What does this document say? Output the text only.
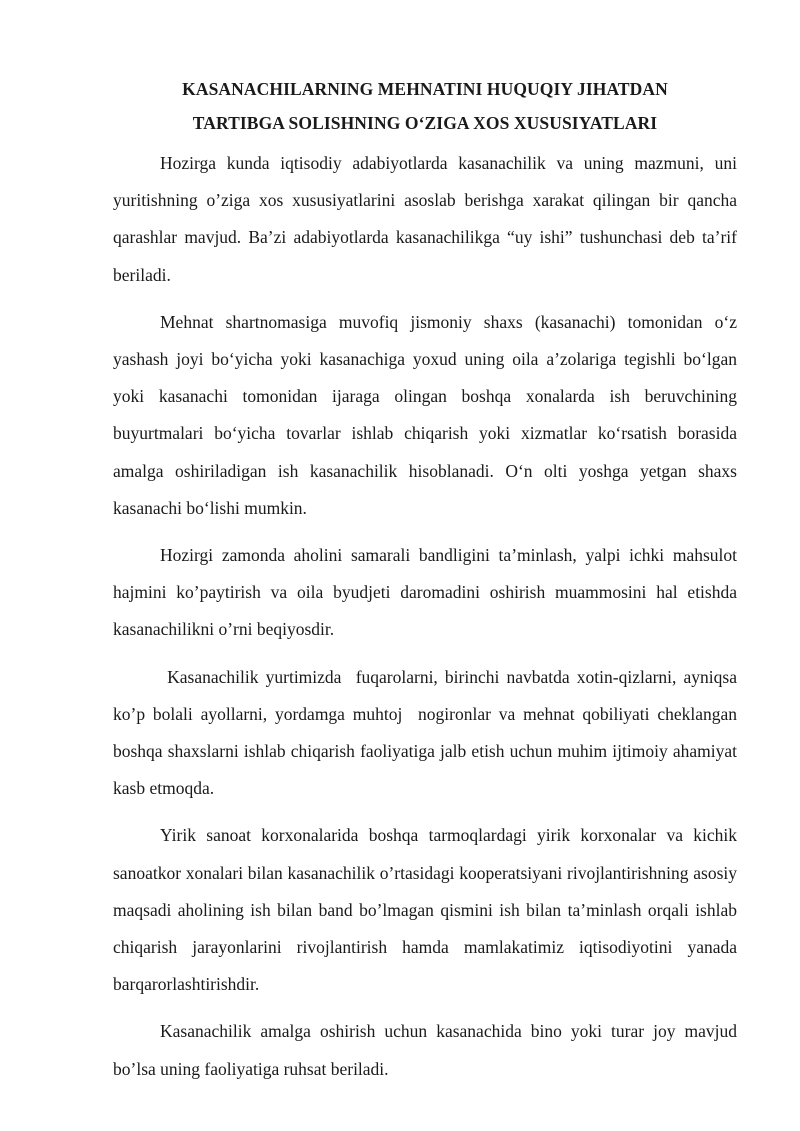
KASANACHILARNING MEHNATINI HUQUQIY JIHATDAN
TARTIBGA SOLISHNING O‘ZIGA XOS XUSUSIYATLARI

Hozirga kunda iqtisodiy adabiyotlarda kasanachilik va uning mazmuni, uni yuritishning o’ziga xos xususiyatlarini asoslab berishga xarakat qilingan bir qancha qarashlar mavjud. Ba’zi adabiyotlarda kasanachilikga “uy ishi” tushunchasi deb ta’rif beriladi.

Mehnat shartnomasiga muvofiq jismoniy shaxs (kasanachi) tomonidan o‘z yashash joyi bo‘yicha yoki kasanachiga yoxud uning oila a’zolariga tegishli bo‘lgan yoki kasanachi tomonidan ijaraga olingan boshqa xonalarda ish beruvchining buyurtmalari bo‘yicha tovarlar ishlab chiqarish yoki xizmatlar ko‘rsatish borasida amalga oshiriladigan ish kasanachilik hisoblanadi. O‘n olti yoshga yetgan shaxs kasanachi bo‘lishi mumkin.

Hozirgi zamonda aholini samarali bandligini ta’minlash, yalpi ichki mahsulot hajmini ko’paytirish va oila byudjeti daromadini oshirish muammosini hal etishda kasanachilikni o’rni beqiyosdir.

Kasanachilik yurtimizda  fuqarolarni, birinchi navbatda xotin-qizlarni, ayniqsa ko’p bolali ayollarni, yordamga muhtoj  nogironlar va mehnat qobiliyati cheklangan boshqa shaxslarni ishlab chiqarish faoliyatiga jalb etish uchun muhim ijtimoiy ahamiyat kasb etmoqda.

Yirik sanoat korxonalarida boshqa tarmoqlardagi yirik korxonalar va kichik sanoatkor xonalari bilan kasanachilik o’rtasidagi kooperatsiyani rivojlantirishning asosiy maqsadi aholining ish bilan band bo’lmagan qismini ish bilan ta’minlash orqali ishlab chiqarish jarayonlarini rivojlantirish hamda mamlakatimiz iqtisodiyotini yanada barqarorlashtirishdir.

Kasanachilik amalga oshirish uchun kasanachida bino yoki turar joy mavjud bo’lsa uning faoliyatiga ruhsat beriladi.
